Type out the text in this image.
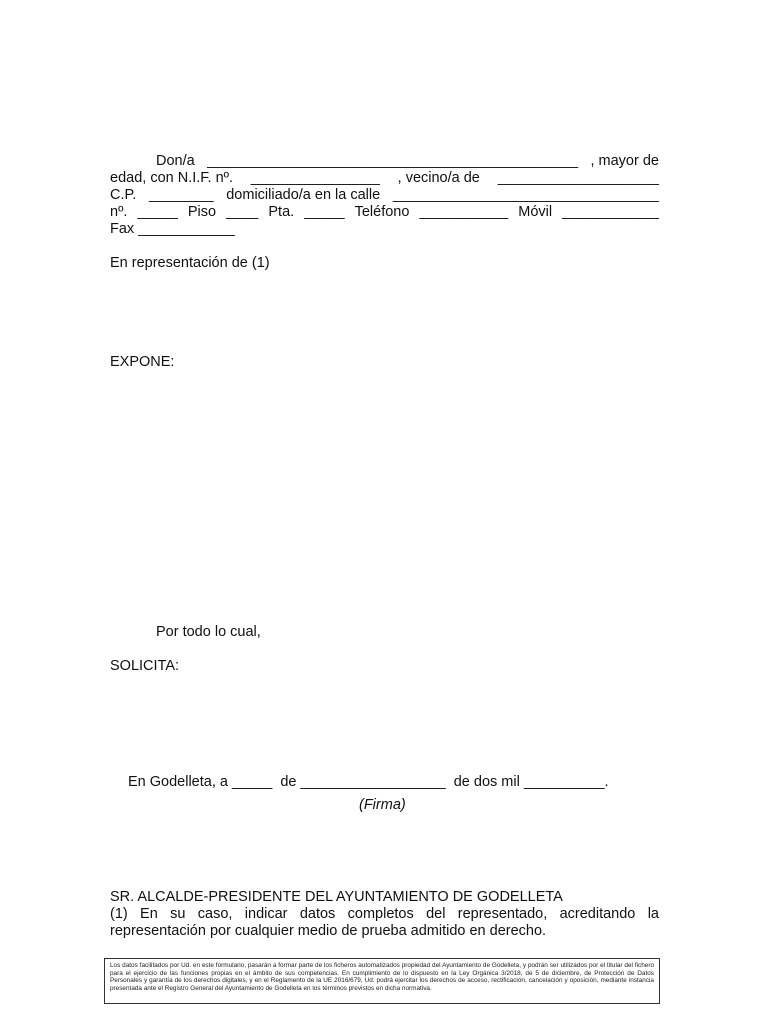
Don/a ______________________________________________ , mayor de
edad, con N.I.F. nº. ________________ , vecino/a de ____________________
C.P. ________ domiciliado/a en la calle _________________________________
nº. _____ Piso ____ Pta. _____ Teléfono ___________ Móvil ____________
Fax ____________
En representación de (1)
EXPONE:
Por todo lo cual,
SOLICITA:
En Godelleta, a _____  de __________________  de dos mil __________.
(Firma)
SR. ALCALDE-PRESIDENTE DEL AYUNTAMIENTO DE GODELLETA
(1) En su caso, indicar datos completos del representado, acreditando la representación por cualquier medio de prueba admitido en derecho.
Los datos facilitados por Ud. en este formulario, pasarán a formar parte de los ficheros automatizados propiedad del Ayuntamiento de Godelleta, y podrán ser utilizados por el titular del fichero para el ejercicio de las funciones propias en el ámbito de sus competencias. En cumplimiento de lo dispuesto en la Ley Orgánica 3/2018, de 5 de diciembre, de Protección de Datos Personales y garantía de los derechos digitales, y en el Reglamento de la UE 2016/679, Ud. podrá ejercitar los derechos de acceso, rectificación, cancelación y oposición, mediante instancia presentada ante el Registro General del Ayuntamiento de Godelleta en los términos previstos en dicha normativa.
